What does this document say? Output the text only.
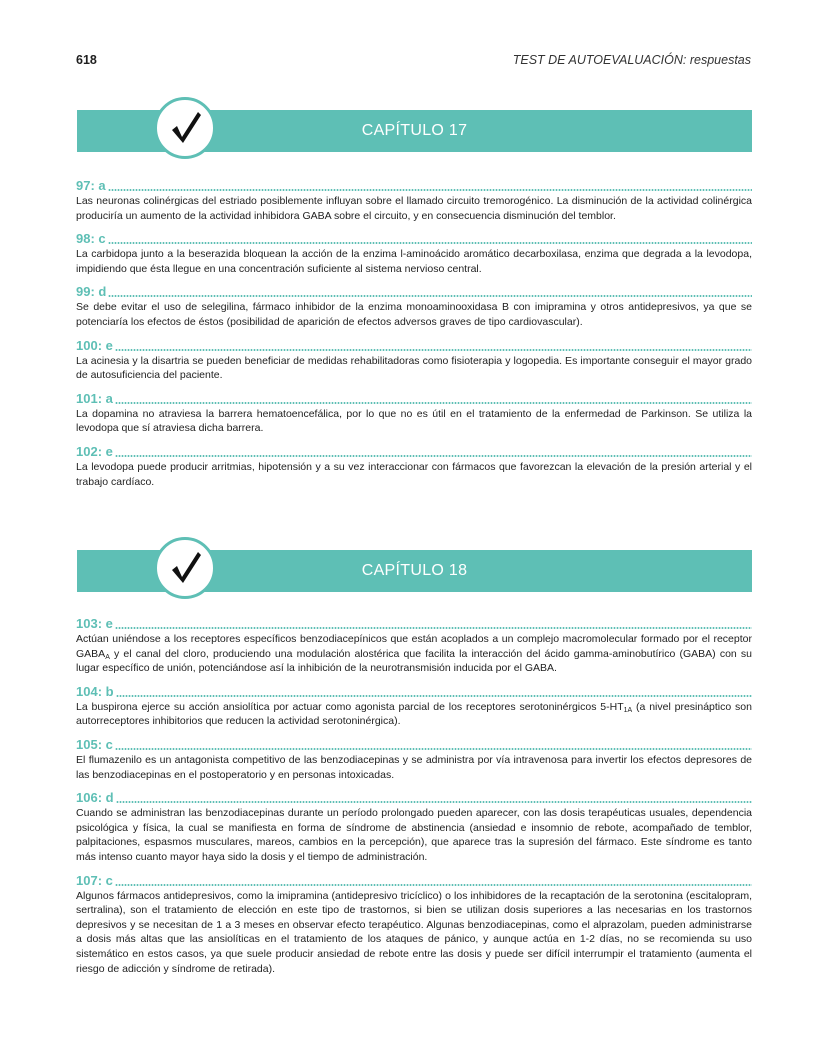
618	TEST DE AUTOEVALUACIÓN: respuestas
CAPÍTULO 17
97: a
Las neuronas colinérgicas del estriado posiblemente influyan sobre el llamado circuito tremorogénico. La disminución de la actividad colinérgica produciría un aumento de la actividad inhibidora GABA sobre el circuito, y en consecuencia disminución del temblor.
98: c
La carbidopa junto a la beserazida bloquean la acción de la enzima l-aminoácido aromático decarboxilasa, enzima que degrada a la levodopa, impidiendo que ésta llegue en una concentración suficiente al sistema nervioso central.
99: d
Se debe evitar el uso de selegilina, fármaco inhibidor de la enzima monoaminooxidasa B con imipramina y otros antidepresivos, ya que se potenciaría los efectos de éstos (posibilidad de aparición de efectos adversos graves de tipo cardiovascular).
100: e
La acinesia y la disartria se pueden beneficiar de medidas rehabilitadoras como fisioterapia y logopedia. Es importante conseguir el mayor grado de autosuficiencia del paciente.
101: a
La dopamina no atraviesa la barrera hematoencefálica, por lo que no es útil en el tratamiento de la enfermedad de Parkinson. Se utiliza la levodopa que sí atraviesa dicha barrera.
102: e
La levodopa puede producir arritmias, hipotensión y a su vez interaccionar con fármacos que favorezcan la elevación de la presión arterial y el trabajo cardíaco.
CAPÍTULO 18
103: e
Actúan uniéndose a los receptores específicos benzodiacepínicos que están acoplados a un complejo macromolecular formado por el receptor $GABA_A$ y el canal del cloro, produciendo una modulación alostérica que facilita la interacción del ácido gamma-aminobutírico (GABA) con su lugar específico de unión, potenciándose así la inhibición de la neurotransmisión inducida por el GABA.
104: b
La buspirona ejerce su acción ansiolítica por actuar como agonista parcial de los receptores serotoninérgicos $5-HT_{1A}$ (a nivel presináptico son autorreceptores inhibitorios que reducen la actividad serotoninérgica).
105: c
El flumazenilo es un antagonista competitivo de las benzodiacepinas y se administra por vía intravenosa para invertir los efectos depresores de las benzodiacepinas en el postoperatorio y en personas intoxicadas.
106: d
Cuando se administran las benzodiacepinas durante un período prolongado pueden aparecer, con las dosis terapéuticas usuales, dependencia psicológica y física, la cual se manifiesta en forma de síndrome de abstinencia (ansiedad e insomnio de rebote, acompañado de temblor, palpitaciones, espasmos musculares, mareos, cambios en la percepción), que aparece tras la supresión del fármaco. Este síndrome es tanto más intenso cuanto mayor haya sido la dosis y el tiempo de administración.
107: c
Algunos fármacos antidepresivos, como la imipramina (antidepresivo tricíclico) o los inhibidores de la recaptación de la serotonina (escitalopram, sertralina), son el tratamiento de elección en este tipo de trastornos, si bien se utilizan dosis superiores a las necesarias en los trastornos depresivos y se necesitan de 1 a 3 meses en observar efecto terapéutico. Algunas benzodiacepinas, como el alprazolam, pueden administrarse a dosis más altas que las ansiolíticas en el tratamiento de los ataques de pánico, y aunque actúa en 1-2 días, no se recomienda su uso sistemático en estos casos, ya que suele producir ansiedad de rebote entre las dosis y puede ser difícil interrumpir el tratamiento (aumenta el riesgo de adicción y síndrome de retirada).
